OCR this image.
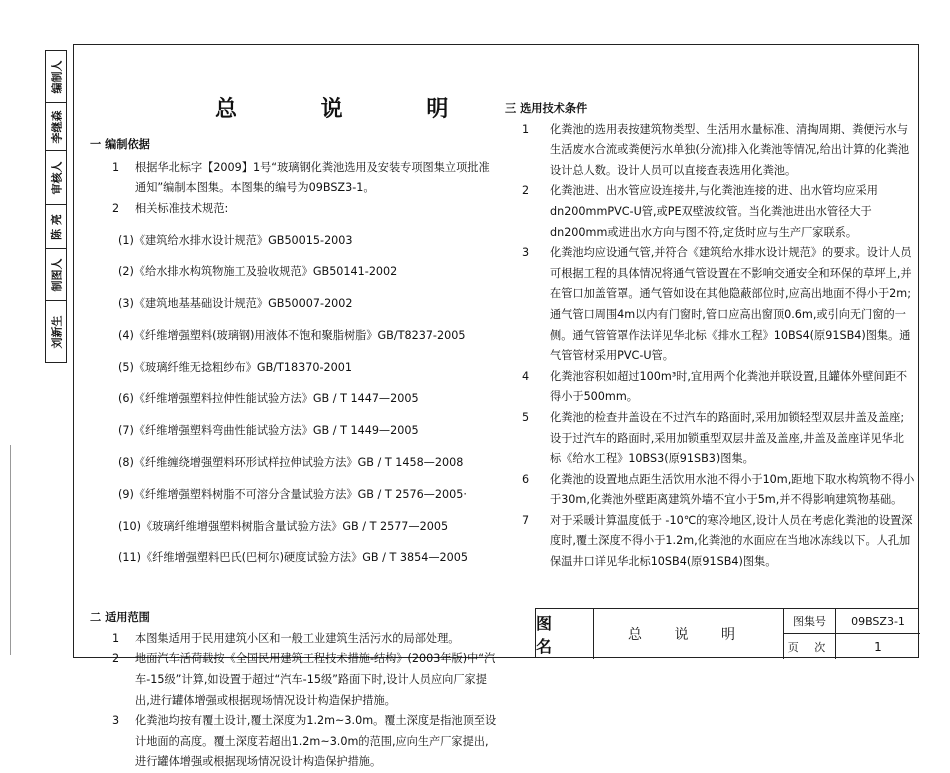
编制人
李继森
审核人
陈 亮
制图人
刘新生
总 说 明

一 编制依据

1 根据华北标字【2009】1号“玻璃钢化粪池选用及安装专项图集立项批准通知”编制本图集。本图集的编号为09BSZ3-1。

2 相关标准技术规范:

(1)《建筑给水排水设计规范》GB50015-2003

(2)《给水排水构筑物施工及验收规范》GB50141-2002

(3)《建筑地基基础设计规范》GB50007-2002

(4)《纤维增强塑料(玻璃钢)用液体不饱和聚脂树脂》GB/T8237-2005

(5)《玻璃纤维无捻粗纱布》GB/T18370-2001

(6)《纤维增强塑料拉伸性能试验方法》GB / T 1447—2005

(7)《纤维增强塑料弯曲性能试验方法》GB / T 1449—2005

(8)《纤维缠绕增强塑料环形试样拉伸试验方法》GB / T 1458—2008

(9)《纤维增强塑料树脂不可溶分含量试验方法》GB / T 2576—2005·

(10)《玻璃纤维增强塑料树脂含量试验方法》GB / T 2577—2005

(11)《纤维增强塑料巴氏(巴柯尔)硬度试验方法》GB / T 3854—2005

二 适用范围

1 本图集适用于民用建筑小区和一般工业建筑生活污水的局部处理。

2 地面汽车活荷载按《全国民用建筑工程技术措施-结构》(2003年版)中“汽车-15级”计算,如设置于超过“汽车-15级”路面下时,设计人员应向厂家提出,进行罐体增强或根据现场情况设计构造保护措施。

3 化粪池均按有覆土设计,覆土深度为1.2m~3.0m。覆土深度是指池顶至设计地面的高度。覆土深度若超出1.2m~3.0m的范围,应向生产厂家提出,进行罐体增强或根据现场情况设计构造保护措施。

三 选用技术条件

1 化粪池的选用表按建筑物类型、生活用水量标准、清掏周期、粪便污水与生活废水合流或粪便污水单独(分流)排入化粪池等情况,给出计算的化粪池设计总人数。设计人员可以直接查表选用化粪池。

2 化粪池进、出水管应设连接井,与化粪池连接的进、出水管均应采用dn200mmPVC-U管,或PE双壁波纹管。当化粪池进出水管径大于dn200mm或进出水方向与图不符,定货时应与生产厂家联系。

3 化粪池均应设通气管,并符合《建筑给水排水设计规范》的要求。设计人员可根据工程的具体情况将通气管设置在不影响交通安全和环保的草坪上,并在管口加盖管罩。通气管如设在其他隐蔽部位时,应高出地面不得小于2m;通气管口周围4m以内有门窗时,管口应高出窗顶0.6m,或引向无门窗的一侧。通气管管罩作法详见华北标《排水工程》10BS4(原91SB4)图集。通气管管材采用PVC-U管。

4 化粪池容积如超过100m³时,宜用两个化粪池并联设置,且罐体外壁间距不得小于500mm。

5 化粪池的检查井盖设在不过汽车的路面时,采用加锁轻型双层井盖及盖座;设于过汽车的路面时,采用加锁重型双层井盖及盖座,井盖及盖座详见华北标《给水工程》10BS3(原91SB3)图集。

6 化粪池的设置地点距生活饮用水池不得小于10m,距地下取水构筑物不得小于30m,化粪池外壁距离建筑外墙不宜小于5m,并不得影响建筑物基础。

7 对于采暖计算温度低于 -10℃的寒冷地区,设计人员在考虑化粪池的设置深度时,覆土深度不得小于1.2m,化粪池的水面应在当地冰冻线以下。人孔加保温井口详见华北标10SB4(原91SB4)图集。

图 名
总 说 明
图集号	09BSZ3-1
页 次	1
